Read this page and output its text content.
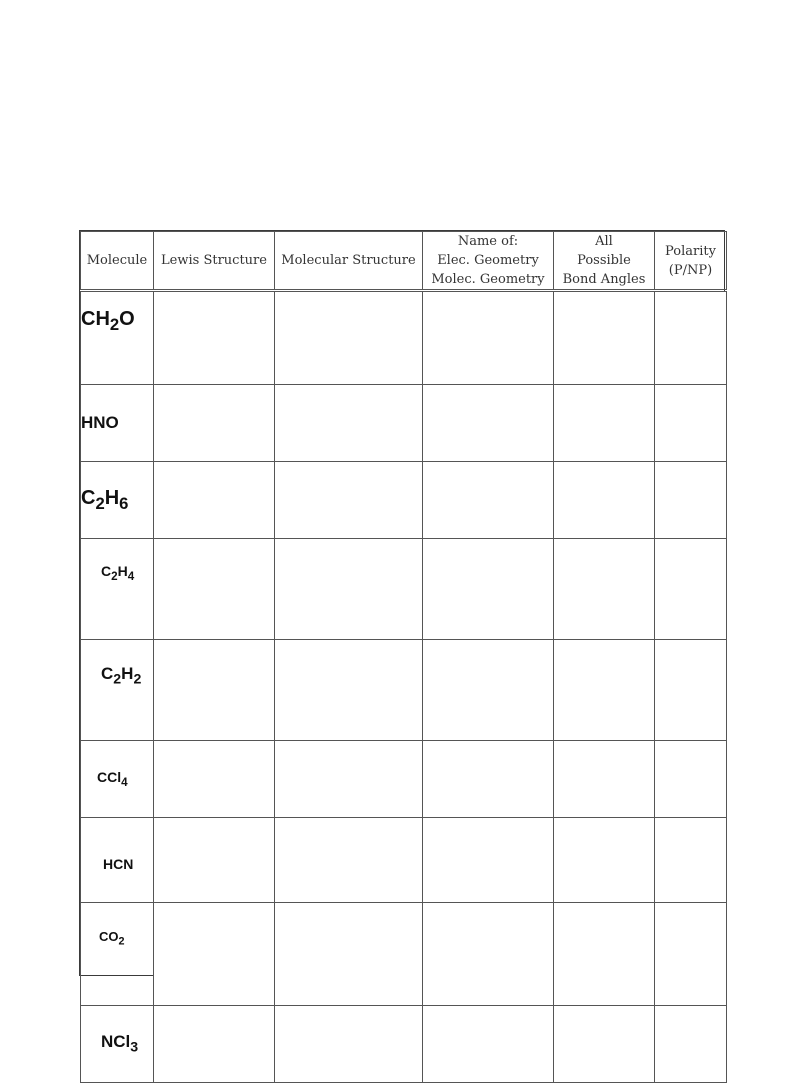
Molecule	Lewis Structure	Molecular Structure	Name of:
Elec. Geometry
Molec. Geometry	All
Possible
Bond Angles	Polarity
(P/NP)

$CH_2O$					
HNO					
$C_2H_6$					
$C_2H_4$					
$C_2H_2$					
CCl$_4$					
HCN					
$CO_2$					
NCl$_3$					
